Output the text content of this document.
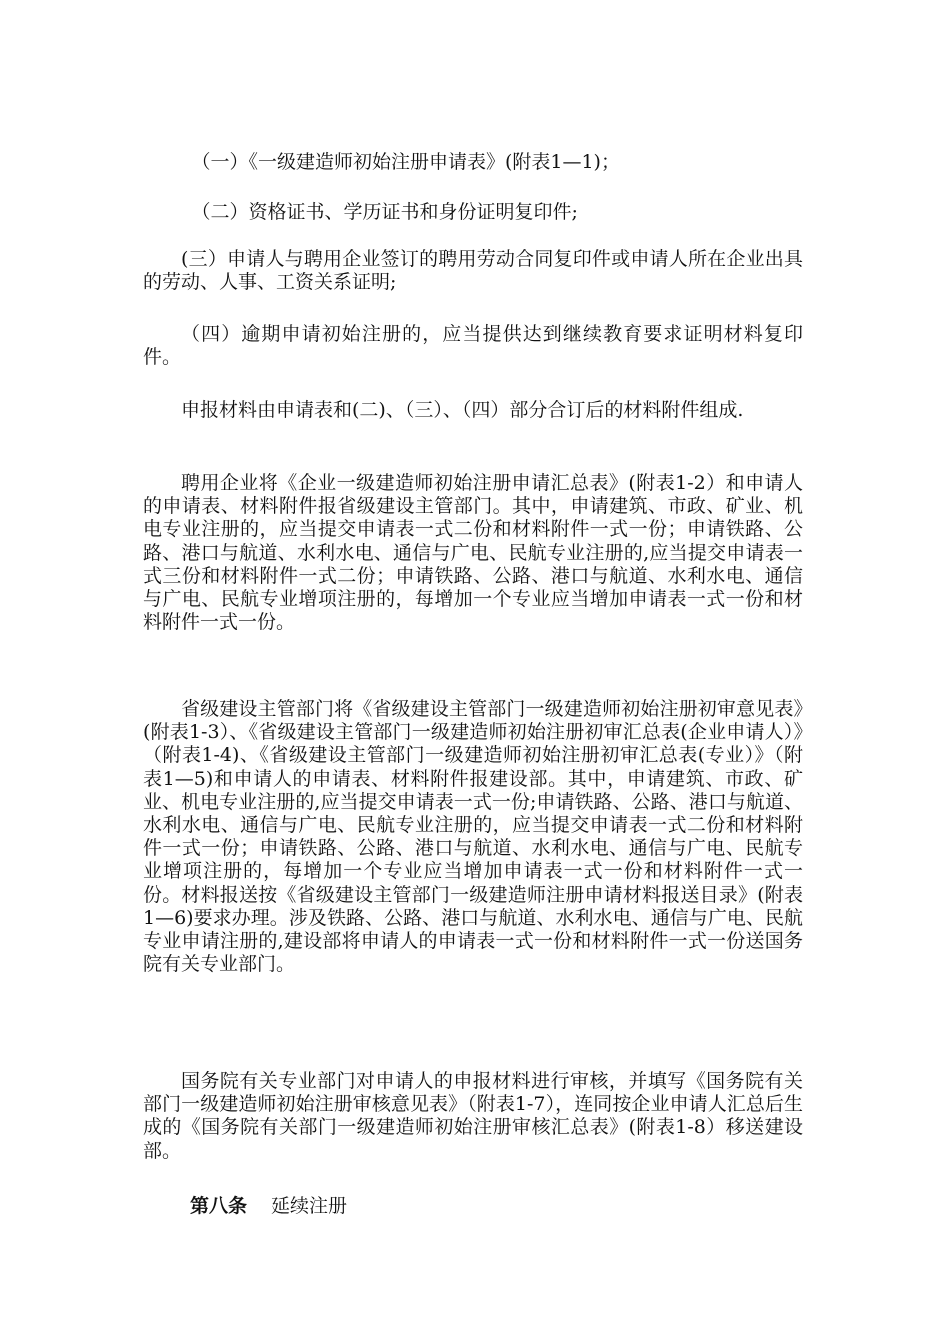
（一）《一级建造师初始注册申请表》(附表1—1)；

（二）资格证书、学历证书和身份证明复印件;

(三）申请人与聘用企业签订的聘用劳动合同复印件或申请人所在企业出具的劳动、人事、工资关系证明;

（四）逾期申请初始注册的，应当提供达到继续教育要求证明材料复印件。

申报材料由申请表和(二)、（三）、（四）部分合订后的材料附件组成.

聘用企业将《企业一级建造师初始注册申请汇总表》(附表1-2）和申请人的申请表、材料附件报省级建设主管部门。其中，申请建筑、市政、矿业、机电专业注册的，应当提交申请表一式二份和材料附件一式一份；申请铁路、公路、港口与航道、水利水电、通信与广电、民航专业注册的,应当提交申请表一式三份和材料附件一式二份；申请铁路、公路、港口与航道、水利水电、通信与广电、民航专业增项注册的，每增加一个专业应当增加申请表一式一份和材料附件一式一份。

省级建设主管部门将《省级建设主管部门一级建造师初始注册初审意见表》(附表1-3）、《省级建设主管部门一级建造师初始注册初审汇总表(企业申请人）》（附表1-4)、《省级建设主管部门一级建造师初始注册初审汇总表(专业）》（附表1—5)和申请人的申请表、材料附件报建设部。其中，申请建筑、市政、矿业、机电专业注册的,应当提交申请表一式一份;申请铁路、公路、港口与航道、水利水电、通信与广电、民航专业注册的，应当提交申请表一式二份和材料附件一式一份；申请铁路、公路、港口与航道、水利水电、通信与广电、民航专业增项注册的，每增加一个专业应当增加申请表一式一份和材料附件一式一份。材料报送按《省级建设主管部门一级建造师注册申请材料报送目录》(附表1—6)要求办理。涉及铁路、公路、港口与航道、水利水电、通信与广电、民航专业申请注册的,建设部将申请人的申请表一式一份和材料附件一式一份送国务院有关专业部门。

国务院有关专业部门对申请人的申报材料进行审核，并填写《国务院有关部门一级建造师初始注册审核意见表》（附表1-7），连同按企业申请人汇总后生成的《国务院有关部门一级建造师初始注册审核汇总表》(附表1-8）移送建设部。

第八条 延续注册
